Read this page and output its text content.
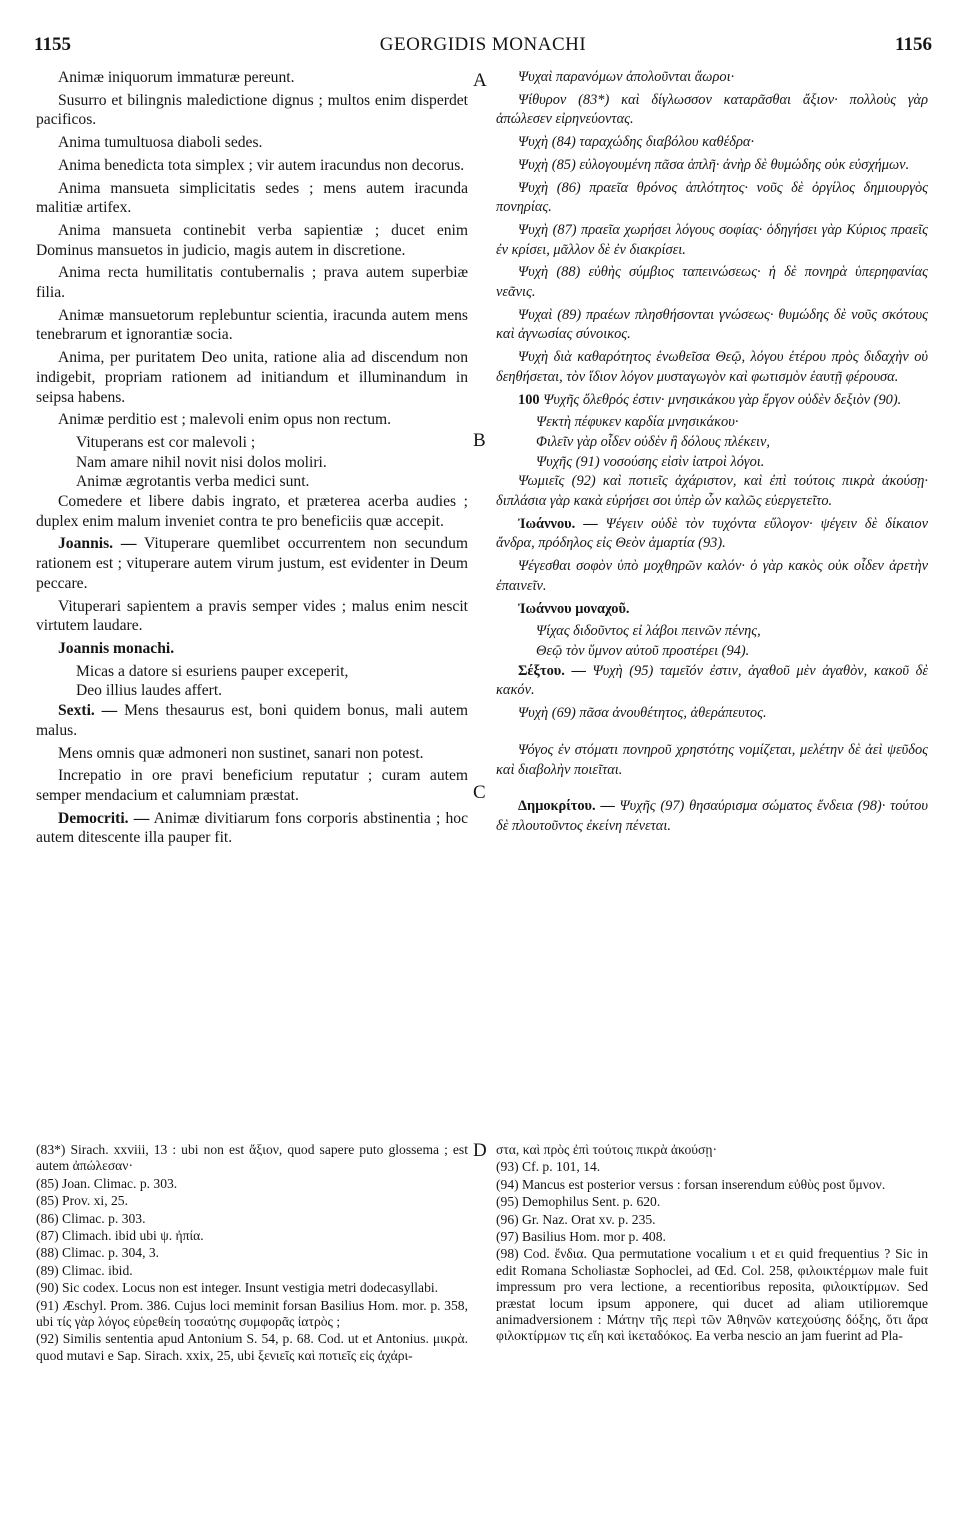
1155	GEORGIDIS MONACHI	1156
A
B
C
D

Animæ iniquorum immaturæ pereunt.

Susurro et bilingnis maledictione dignus ; multos enim disperdet pacificos.

Anima tumultuosa diaboli sedes.

Anima benedicta tota simplex ; vir autem iracundus non decorus.

Anima mansueta simplicitatis sedes ; mens autem iracunda malitiæ artifex.

Anima mansueta continebit verba sapientiæ ; ducet enim Dominus mansuetos in judicio, magis autem in discretione.

Anima recta humilitatis contubernalis ; prava autem superbiæ filia.

Animæ mansuetorum replebuntur scientia, iracunda autem mens tenebrarum et ignorantiæ socia.

Anima, per puritatem Deo unita, ratione alia ad discendum non indigebit, propriam rationem ad initiandum et illuminandum in seipsa habens.

Animæ perditio est ; malevoli enim opus non rectum.

Vituperans est cor malevoli ;

Nam amare nihil novit nisi dolos moliri.

Animæ ægrotantis verba medici sunt.

Comedere et libere dabis ingrato, et præterea acerba audies ; duplex enim malum inveniet contra te pro beneficiis quæ accepit.

Joannis. — Vituperare quemlibet occurrentem non secundum rationem est ; vituperare autem virum justum, est evidenter in Deum peccare.

Vituperari sapientem a pravis semper vides ; malus enim nescit virtutem laudare.

Joannis monachi.

Micas a datore si esuriens pauper exceperit,

Deo illius laudes affert.

Sexti. — Mens thesaurus est, boni quidem bonus, mali autem malus.

Mens omnis quæ admoneri non sustinet, sanari non potest.

Increpatio in ore pravi beneficium reputatur ; curam autem semper mendacium et calumniam præstat.

Democriti. — Animæ divitiarum fons corporis abstinentia ; hoc autem ditescente illa pauper fit.

Ψυχαὶ παρανόμων ἀπολοῦνται ἄωροι·

Ψίθυρον (83*) καὶ δίγλωσσον καταρᾶσθαι ἄξιον· πολλοὺς γὰρ ἀπώλεσεν εἰρηνεύοντας.

Ψυχὴ (84) ταραχώδης διαβόλου καθέδρα·

Ψυχὴ (85) εὐλογουμένη πᾶσα ἁπλῆ· ἀνὴρ δὲ θυμώδης οὐκ εὐσχήμων.

Ψυχὴ (86) πραεῖα θρόνος ἁπλότητος· νοῦς δὲ ὀργίλος δημιουργὸς πονηρίας.

Ψυχὴ (87) πραεῖα χωρήσει λόγους σοφίας· ὁδηγήσει γὰρ Κύριος πραεῖς ἐν κρίσει, μᾶλλον δὲ ἐν διακρίσει.

Ψυχὴ (88) εὐθὴς σύμβιος ταπεινώσεως· ἡ δὲ πονηρὰ ὑπερηφανίας νεᾶνις.

Ψυχαὶ (89) πραέων πλησθήσονται γνώσεως· θυμώδης δὲ νοῦς σκότους καὶ ἀγνωσίας σύνοικος.

Ψυχὴ διὰ καθαρότητος ἑνωθεῖσα Θεῷ, λόγου ἑτέρου πρὸς διδαχὴν οὐ δεηθήσεται, τὸν ἴδιον λόγον μυσταγωγὸν καὶ φωτισμὸν ἑαυτῇ φέρουσα.

100 Ψυχῆς ὄλεθρός ἐστιν· μνησικάκου γὰρ ἔργον οὐδὲν δεξιὸν (90).

Ψεκτὴ πέφυκεν καρδία μνησικάκου·

Φιλεῖν γὰρ οἶδεν οὐδὲν ἢ δόλους πλέκειν,

Ψυχῆς (91) νοσούσης εἰσὶν ἰατροὶ λόγοι.

Ψωμιεῖς (92) καὶ ποτιεῖς ἀχάριστον, καὶ ἐπὶ τούτοις πικρὰ ἀκούσῃ· διπλάσια γὰρ κακὰ εὑρήσει σοι ὑπὲρ ὧν καλῶς εὐεργετεῖτο.

Ἰωάννου. — Ψέγειν οὐδὲ τὸν τυχόντα εὔλογον· ψέγειν δὲ δίκαιον ἄνδρα, πρόδηλος εἰς Θεὸν ἁμαρτία (93).

Ψέγεσθαι σοφὸν ὑπὸ μοχθηρῶν καλόν· ὁ γὰρ κακὸς οὐκ οἶδεν ἀρετὴν ἐπαινεῖν.

Ἰωάννου μοναχοῦ.

Ψίχας διδοῦντος εἰ λάβοι πεινῶν πένης,

Θεῷ τὸν ὕμνον αὐτοῦ προστέρει (94).

Σέξτου. — Ψυχὴ (95) ταμεῖόν ἐστιν, ἀγαθοῦ μὲν ἀγαθὸν, κακοῦ δὲ κακόν.

Ψυχὴ (69) πᾶσα ἀνουθέτητος, ἀθεράπευτος.

Ψόγος ἐν στόματι πονηροῦ χρηστότης νομίζεται, μελέτην δὲ ἀεὶ ψεῦδος καὶ διαβολὴν ποιεῖται.

Δημοκρίτου. — Ψυχῆς (97) θησαύρισμα σώματος ἔνδεια (98)· τούτου δὲ πλουτοῦντος ἐκείνη πένεται.

(83*) Sirach. xxviii, 13 : ubi non est ἄξιον, quod sapere puto glossema ; est autem ἀπώλεσαν·

(85) Joan. Climac. p. 303.

(85) Prov. xi, 25.

(86) Climac. p. 303.

(87) Climach. ibid ubi ψ. ἠπία.

(88) Climac. p. 304, 3.

(89) Climac. ibid.

(90) Sic codex. Locus non est integer. Insunt vestigia metri dodecasyllabi.

(91) Æschyl. Prom. 386. Cujus loci meminit forsan Basilius Hom. mor. p. 358, ubi τίς γὰρ λόγος εὑρεθείη τοσαύτης συμφορᾶς ἰατρὸς ;

(92) Similis sententia apud Antonium S. 54, p. 68. Cod. ut et Antonius. μικρὰ. quod mutavi e Sap. Sirach. xxix, 25, ubi ξενιεῖς καὶ ποτιεῖς εἰς ἀχάρι-

στα, καὶ πρὸς ἐπὶ τούτοις πικρὰ ἀκούσῃ·

(93) Cf. p. 101, 14.

(94) Mancus est posterior versus : forsan inserendum εὐθὺς post ὕμνον.

(95) Demophilus Sent. p. 620.

(96) Gr. Naz. Orat xv. p. 235.

(97) Basilius Hom. mor p. 408.

(98) Cod. ἔνδια. Qua permutatione vocalium ι et ει quid frequentius ? Sic in edit Romana Scholiastæ Sophoclei, ad Œd. Col. 258, φιλοικτέρμων male fuit impressum pro vera lectione, a recentioribus reposita, φιλοικτίρμων. Sed præstat locum ipsum apponere, qui ducet ad aliam utilioremque animadversionem : Μάτην τῆς περὶ τῶν Ἀθηνῶν κατεχούσης δόξης, ὅτι ἄρα φιλοκτίρμων τις εἴη καὶ ἱκεταδόκος. Ea verba nescio an jam fuerint ad Pla-
